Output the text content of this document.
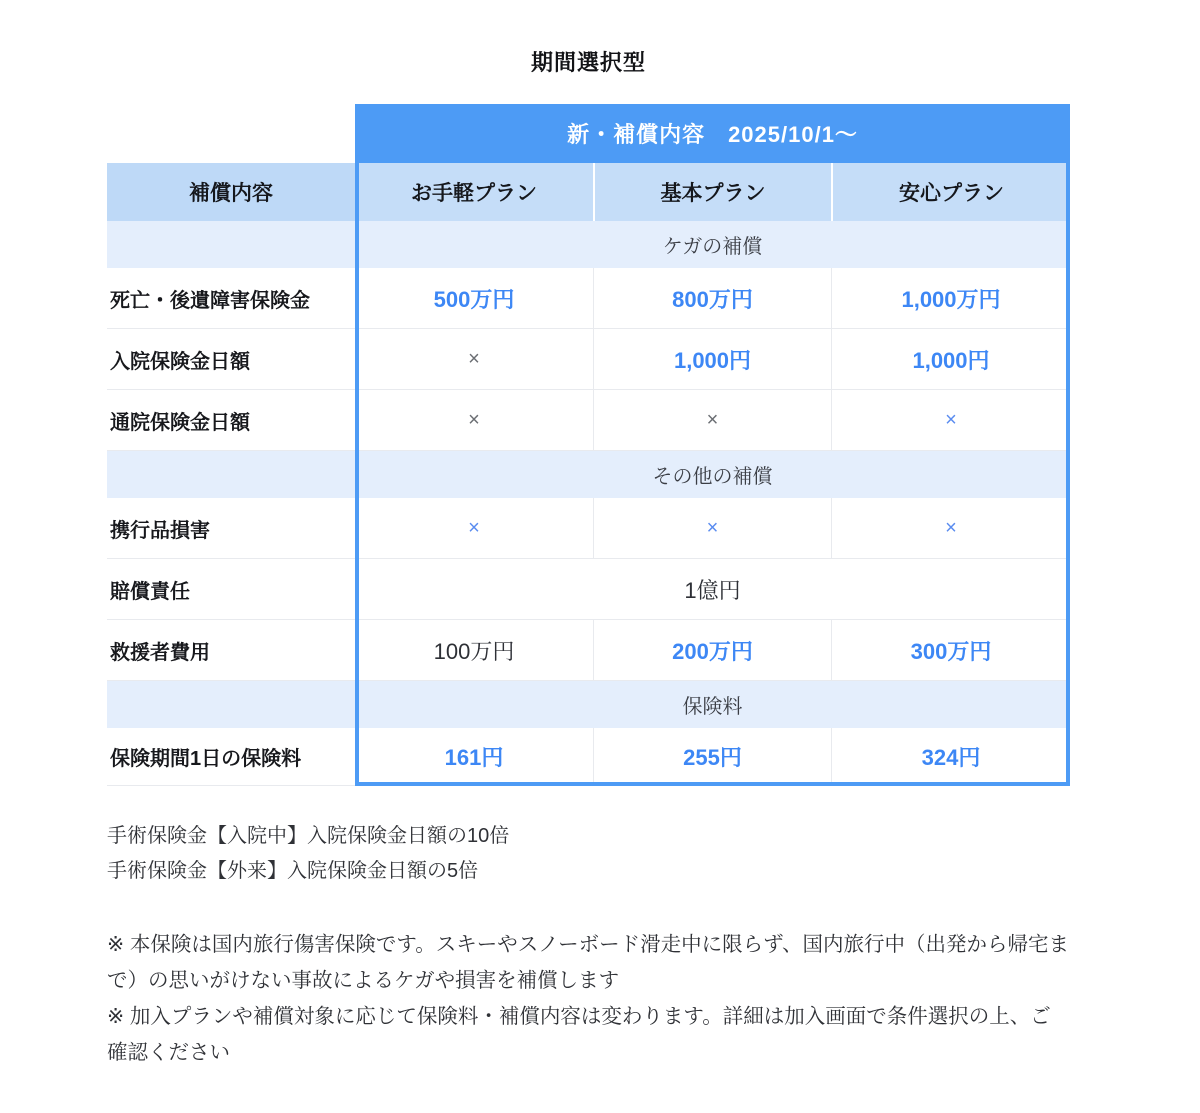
期間選択型
新・補償内容　2025/10/1〜
補償内容	お手軽プラン	基本プラン	安心プラン
ケガの補償
死亡・後遺障害保険金	500万円	800万円	1,000万円
入院保険金日額	×	1,000円	1,000円
通院保険金日額	×	×	×
その他の補償
携行品損害	×	×	×
賠償責任	1億円
救援者費用	100万円	200万円	300万円
保険料
保険期間1日の保険料	161円	255円	324円

手術保険金【入院中】入院保険金日額の10倍

手術保険金【外来】入院保険金日額の5倍

※ 本保険は国内旅行傷害保険です。スキーやスノーボード滑走中に限らず、国内旅行中（出発から帰宅まで）の思いがけない事故によるケガや損害を補償します

※ 加入プランや補償対象に応じて保険料・補償内容は変わります。詳細は加入画面で条件選択の上、ご確認ください
